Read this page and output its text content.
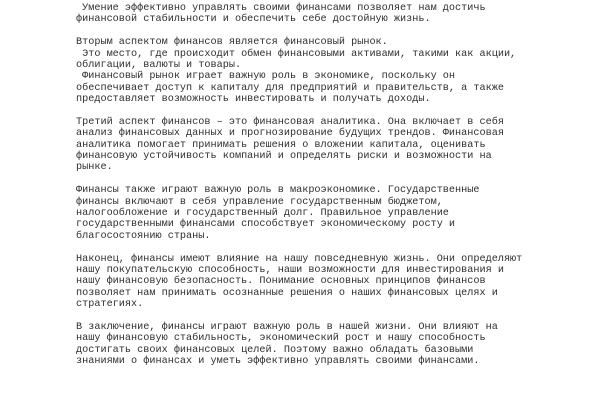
Умение эффективно управлять своими финансами позволяет нам достичь
финансовой стабильности и обеспечить себе достойную жизнь.
Вторым аспектом финансов является финансовый рынок.
Это место, где происходит обмен финансовыми активами, такими как акции,
облигации, валюты и товары.
Финансовый рынок играет важную роль в экономике, поскольку он
обеспечивает доступ к капиталу для предприятий и правительств, а также
предоставляет возможность инвестировать и получать доходы.
Третий аспект финансов – это финансовая аналитика. Она включает в себя
анализ финансовых данных и прогнозирование будущих трендов. Финансовая
аналитика помогает принимать решения о вложении капитала, оценивать
финансовую устойчивость компаний и определять риски и возможности на
рынке.
Финансы также играют важную роль в макроэкономике. Государственные
финансы включают в себя управление государственным бюджетом,
налогообложение и государственный долг. Правильное управление
государственными финансами способствует экономическому росту и
благосостоянию страны.
Наконец, финансы имеют влияние на нашу повседневную жизнь. Они определяют
нашу покупательскую способность, наши возможности для инвестирования и
нашу финансовую безопасность. Понимание основных принципов финансов
позволяет нам принимать осознанные решения о наших финансовых целях и
стратегиях.
В заключение, финансы играют важную роль в нашей жизни. Они влияют на
нашу финансовую стабильность, экономический рост и нашу способность
достигать своих финансовых целей. Поэтому важно обладать базовыми
знаниями о финансах и уметь эффективно управлять своими финансами.
